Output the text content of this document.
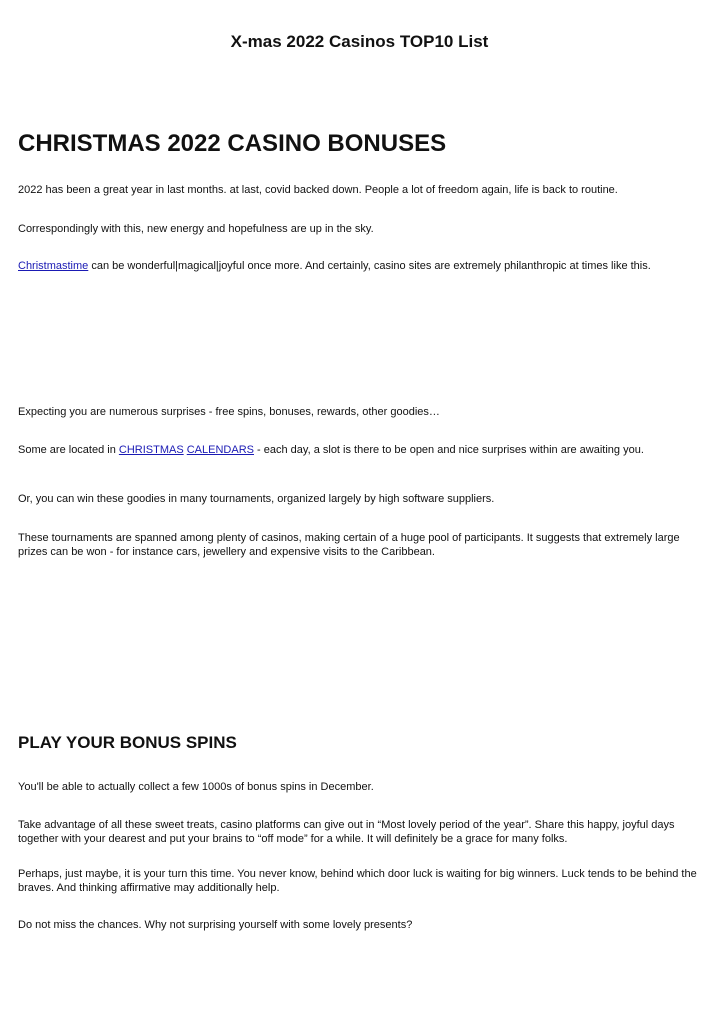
X-mas 2022 Casinos TOP10 List
CHRISTMAS 2022 CASINO BONUSES

2022 has been a great year in last months. at last, covid backed down. People a lot of freedom again, life is back to routine.

Correspondingly with this, new energy and hopefulness are up in the sky.

Christmastime can be wonderful|magical|joyful once more. And certainly, casino sites are extremely philanthropic at times like this.

Expecting you are numerous surprises - free spins, bonuses, rewards, other goodies…

Some are located in CHRISTMAS CALENDARS - each day, a slot is there to be open and nice surprises within are awaiting you.

Or, you can win these goodies in many tournaments, organized largely by high software suppliers.

These tournaments are spanned among plenty of casinos, making certain of a huge pool of participants. It suggests that extremely large prizes can be won - for instance cars, jewellery and expensive visits to the Caribbean.

PLAY YOUR BONUS SPINS

You'll be able to actually collect a few 1000s of bonus spins in December.

Take advantage of all these sweet treats, casino platforms can give out in “Most lovely period of the year”. Share this happy, joyful days together with your dearest and put your brains to “off mode” for a while. It will definitely be a grace for many folks.

Perhaps, just maybe, it is your turn this time. You never know, behind which door luck is waiting for big winners. Luck tends to be behind the braves. And thinking affirmative may additionally help.

Do not miss the chances. Why not surprising yourself with some lovely presents?
